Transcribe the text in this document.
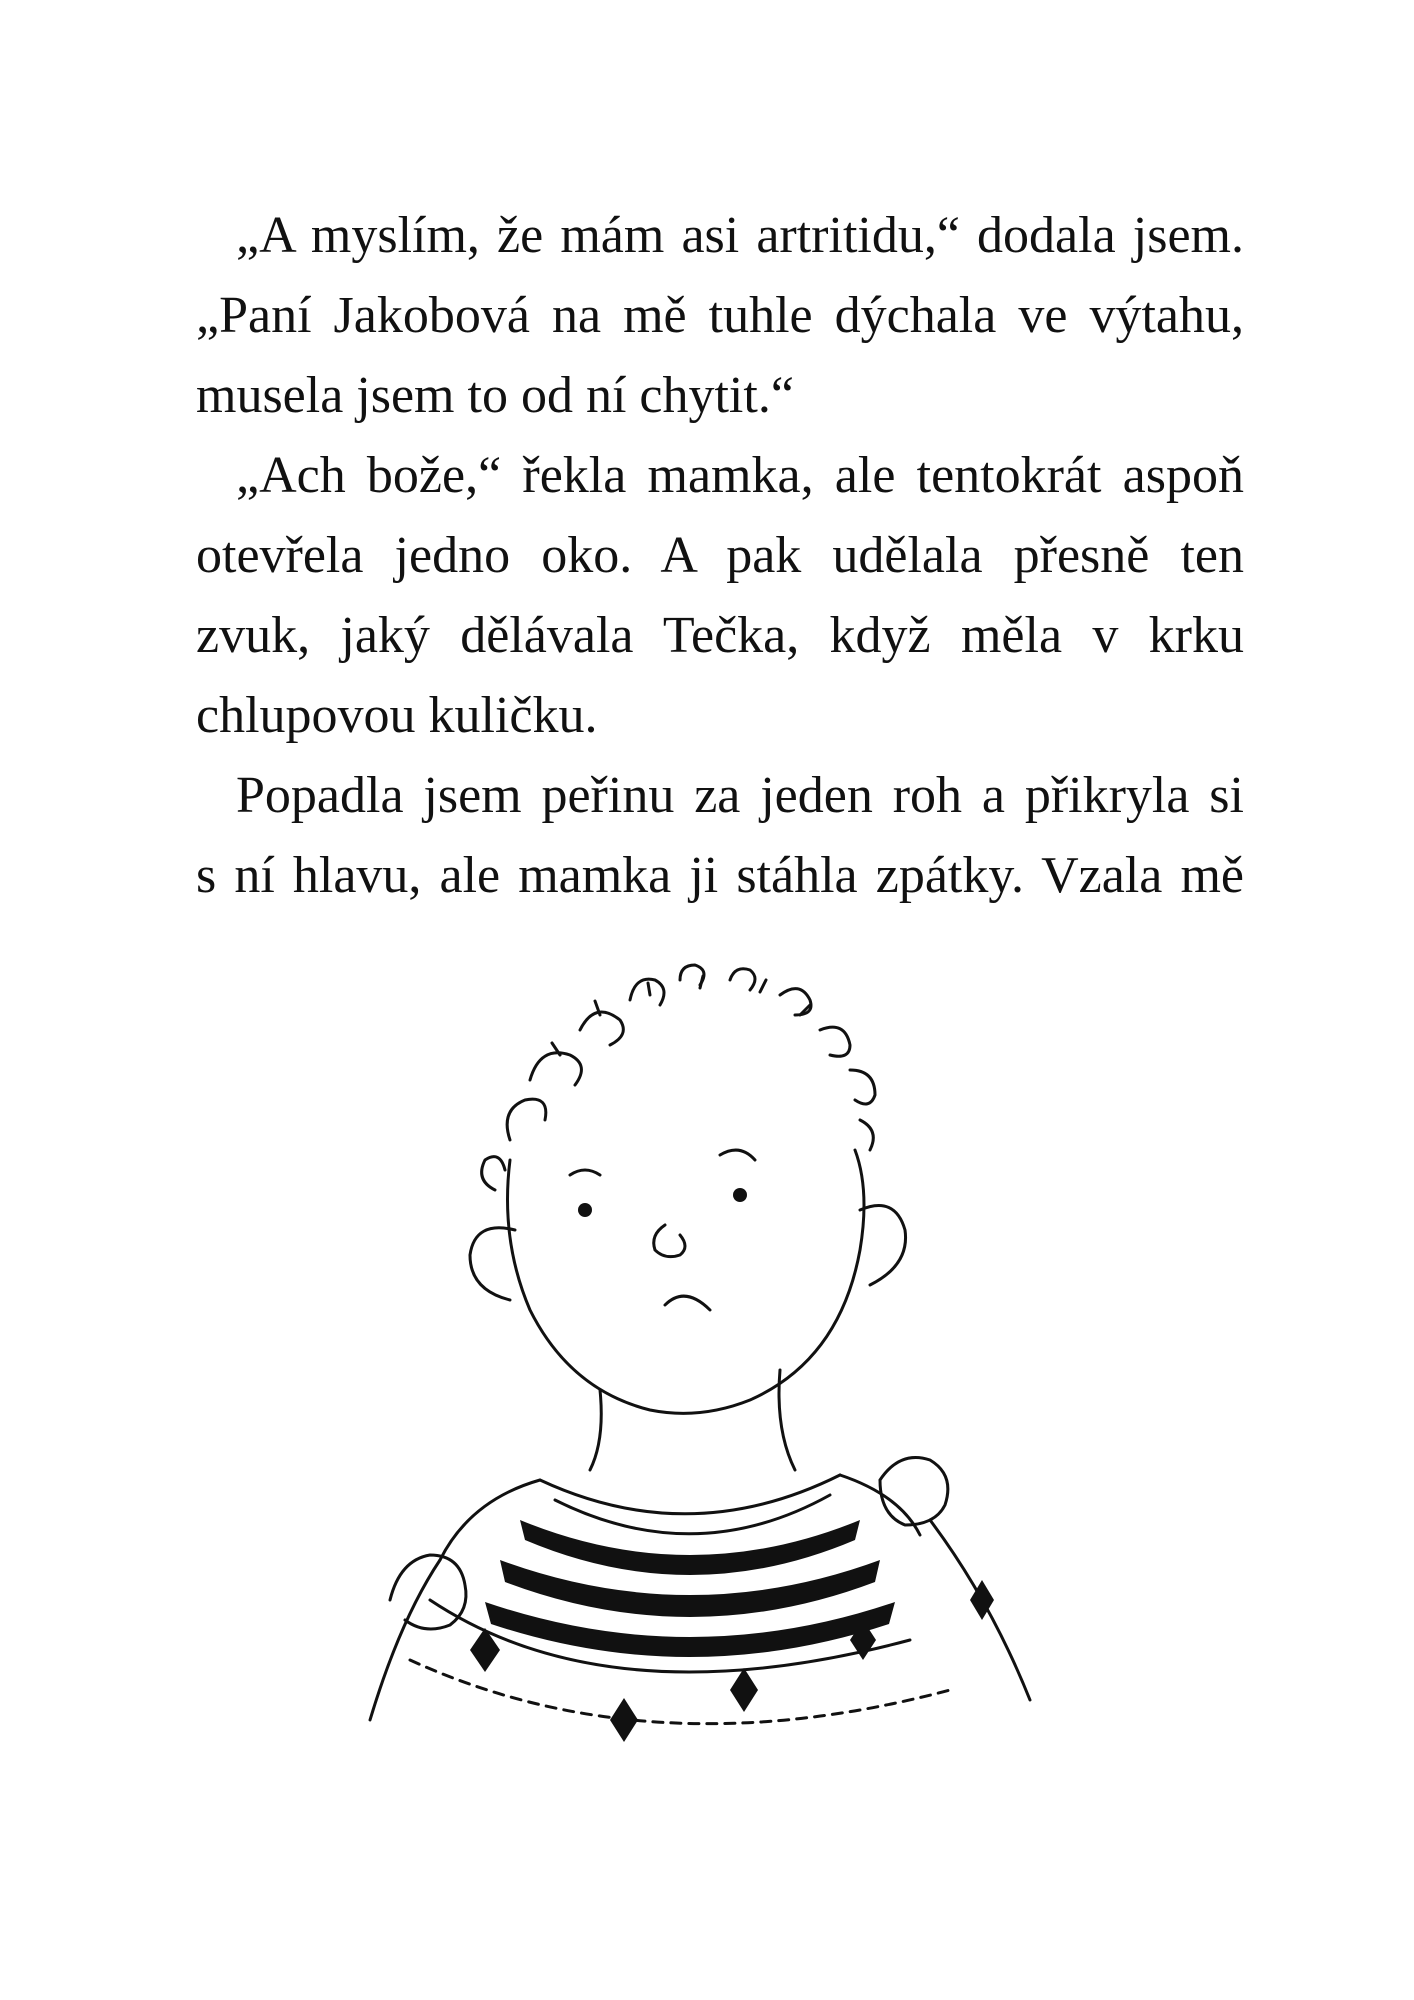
„A myslím, že mám asi artritidu,“ dodala jsem.
„Paní Jakobová na mě tuhle dýchala ve výtahu,
musela jsem to od ní chytit.“
„Ach bože,“ řekla mamka, ale tentokrát aspoň
otevřela jedno oko. A pak udělala přesně ten
zvuk, jaký dělávala Tečka, když měla v krku
chlupovou kuličku.
Popadla jsem peřinu za jeden roh a přikryla si
s ní hlavu, ale mamka ji stáhla zpátky. Vzala mě
